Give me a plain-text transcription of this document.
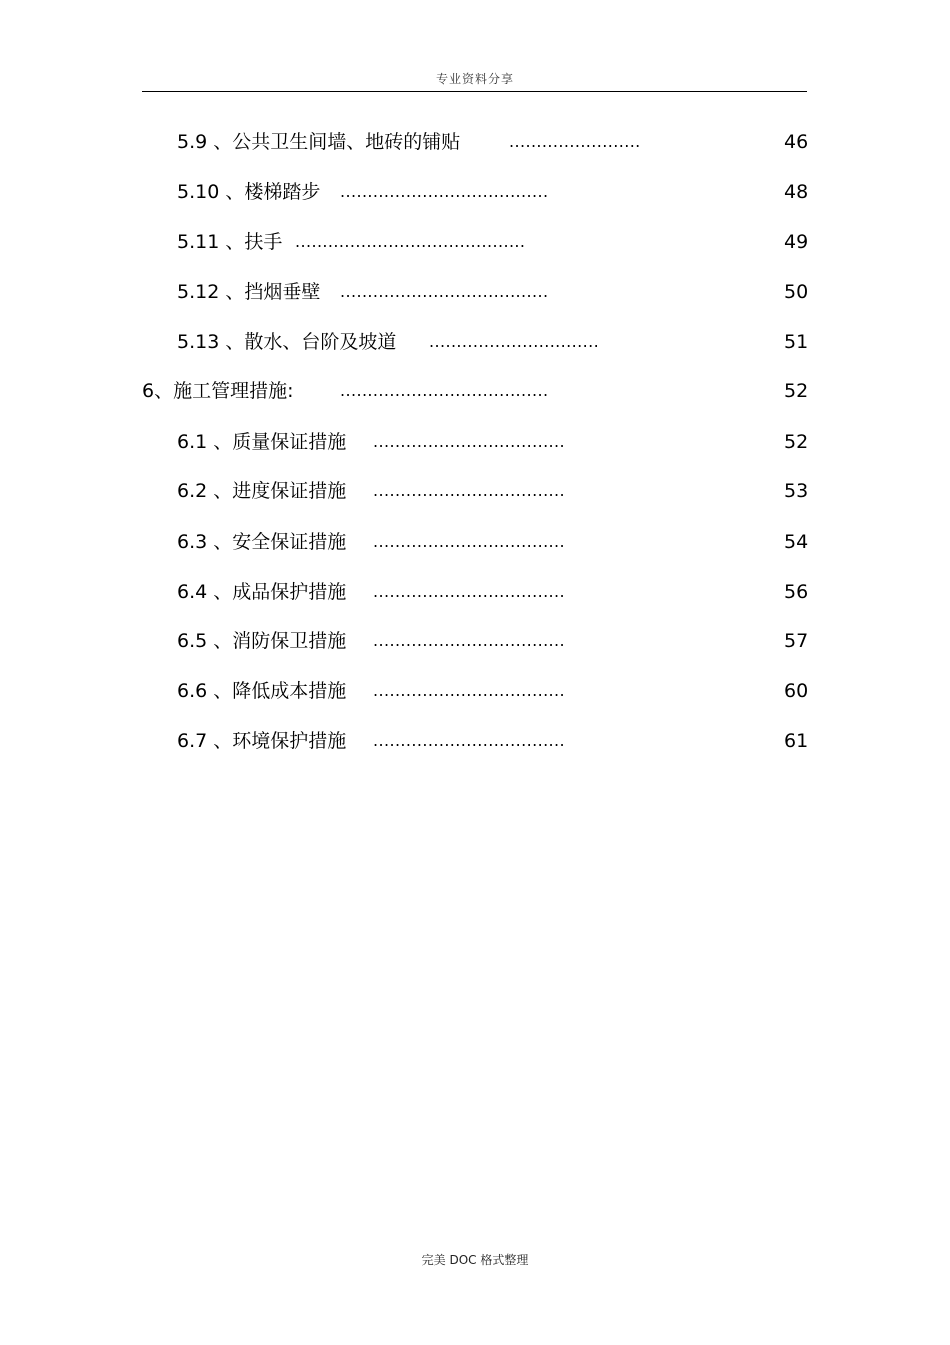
专业资料分享
5.9 、公共卫生间墙、地砖的铺贴	........................	46
5.10 、楼梯踏步 ......................................	48
5.11 、扶手 ..........................................	49
5.12 、挡烟垂壁 ......................................	50
5.13 、散水、台阶及坡道 ...............................	51
6、施工管理措施:	......................................	52
6.1 、质量保证措施 ...................................	52
6.2 、进度保证措施 ...................................	53
6.3 、安全保证措施 ...................................	54
6.4 、成品保护措施 ...................................	56
6.5 、消防保卫措施 ...................................	57
6.6 、降低成本措施 ...................................	60
6.7 、环境保护措施 ...................................	61
完美 DOC 格式整理
